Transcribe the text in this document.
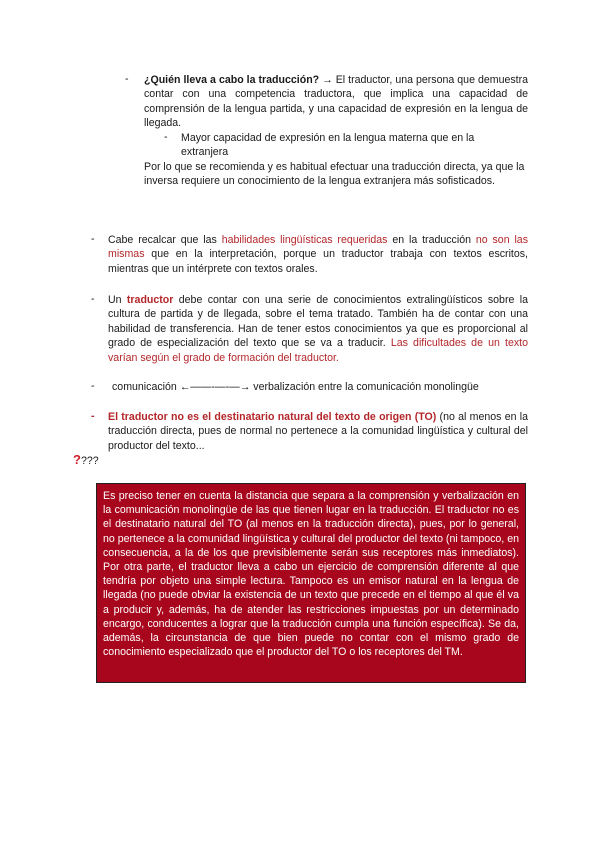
- ¿Quién lleva a cabo la traducción? → El traductor, una persona que demuestra contar con una competencia traductora, que implica una capacidad de comprensión de la lengua partida, y una capacidad de expresión en la lengua de llegada.
- Mayor capacidad de expresión en la lengua materna que en la extranjera
Por lo que se recomienda y es habitual efectuar una traducción directa, ya que la inversa requiere un conocimiento de la lengua extranjera más sofisticados.
- Cabe recalcar que las habilidades lingüísticas requeridas en la traducción no son las mismas que en la interpretación, porque un traductor trabaja con textos escritos, mientras que un intérprete con textos orales.
- Un traductor debe contar con una serie de conocimientos extralingüísticos sobre la cultura de partida y de llegada, sobre el tema tratado. También ha de contar con una habilidad de transferencia. Han de tener estos conocimientos ya que es proporcional al grado de especialización del texto que se va a traducir. Las dificultades de un texto varían según el grado de formación del traductor.
- comunicación ←——-—-—→ verbalización entre la comunicación monolingüe
- El traductor no es el destinatario natural del texto de origen (TO) (no al menos en la traducción directa, pues de normal no pertenece a la comunidad lingüística y cultural del productor del texto...
????
Es preciso tener en cuenta la distancia que separa a la comprensión y verbalización en la comunicación monolingüe de las que tienen lugar en la traducción. El traductor no es el destinatario natural del TO (al menos en la traducción directa), pues, por lo general, no pertenece a la comunidad lingüística y cultural del productor del texto (ni tampoco, en consecuencia, a la de los que previsiblemente serán sus receptores más inmediatos). Por otra parte, el traductor lleva a cabo un ejercicio de comprensión diferente al que tendría por objeto una simple lectura. Tampoco es un emisor natural en la lengua de llegada (no puede obviar la existencia de un texto que precede en el tiempo al que él va a producir y, además, ha de atender las restricciones impuestas por un determinado encargo, conducentes a lograr que la traducción cumpla una función específica). Se da, además, la circunstancia de que bien puede no contar con el mismo grado de conocimiento especializado que el productor del TO o los receptores del TM.
